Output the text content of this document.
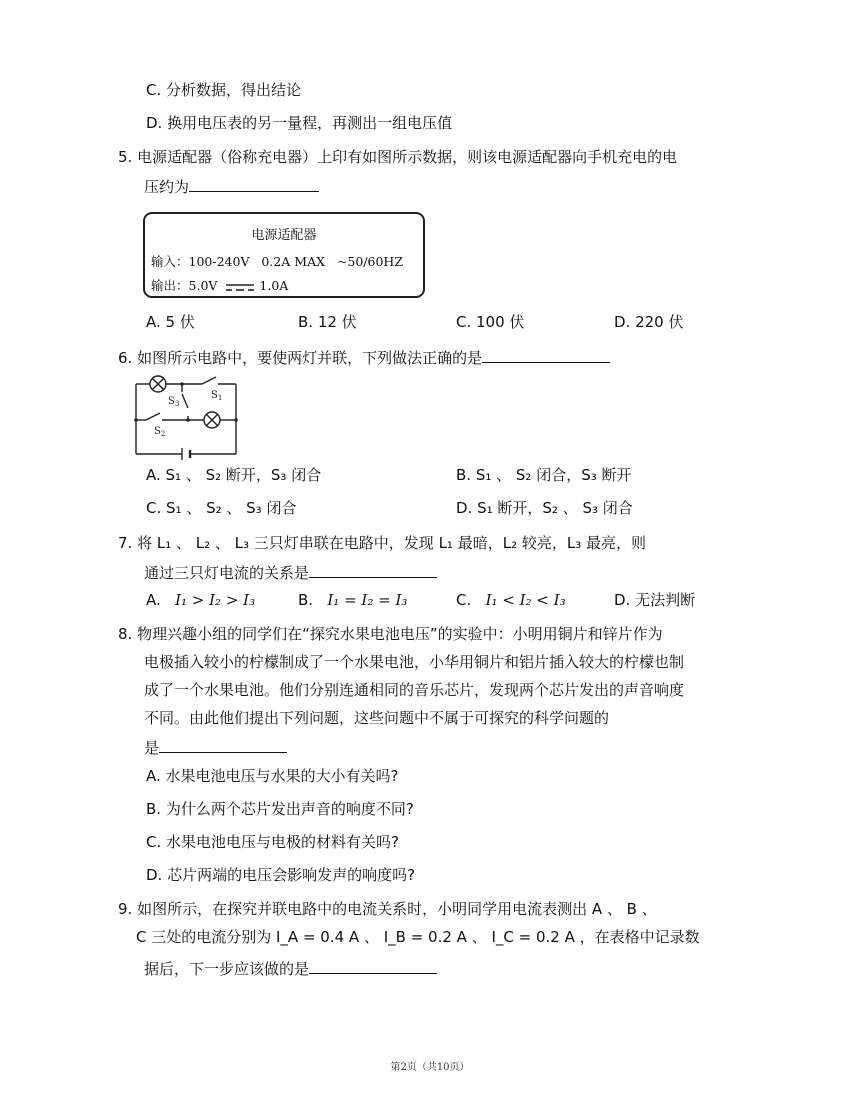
C. 分析数据，得出结论
D. 换用电压表的另一量程，再测出一组电压值
5. 电源适配器（俗称充电器）上印有如图所示数据，则该电源适配器向手机充电的电
压约为
电源适配器
输入：100-240V 0.2A MAX ~50/60HZ
输出：5.0V	1.0A
A. 5 伏	B. 12 伏	C. 100 伏	D. 220 伏
6. 如图所示电路中，要使两灯并联，下列做法正确的是
$S_1$
$S_3$
$S_2$
A. S₁ 、 S₂ 断开，S₃ 闭合	B. S₁ 、 S₂ 闭合，S₃ 断开
C. S₁ 、 S₂ 、 S₃ 闭合	D. S₁ 断开，S₂ 、 S₃ 闭合
7. 将 L₁ 、 L₂ 、 L₃ 三只灯串联在电路中，发现 L₁ 最暗，L₂ 较亮，L₃ 最亮，则
通过三只灯电流的关系是
A. I₁ > I₂ > I₃	B. I₁ = I₂ = I₃	C. I₁ < I₂ < I₃	D. 无法判断
8. 物理兴趣小组的同学们在“探究水果电池电压”的实验中：小明用铜片和锌片作为
电极插入较小的柠檬制成了一个水果电池，小华用铜片和铝片插入较大的柠檬也制
成了一个水果电池。他们分别连通相同的音乐芯片，发现两个芯片发出的声音响度
不同。由此他们提出下列问题，这些问题中不属于可探究的科学问题的
是
A. 水果电池电压与水果的大小有关吗?
B. 为什么两个芯片发出声音的响度不同?
C. 水果电池电压与电极的材料有关吗?
D. 芯片两端的电压会影响发声的响度吗?
9. 如图所示，在探究并联电路中的电流关系时，小明同学用电流表测出 A 、 B 、
C 三处的电流分别为 I_A = 0.4 A 、 I_B = 0.2 A 、 I_C = 0.2 A ，在表格中记录数
据后，下一步应该做的是
第2页（共10页）
